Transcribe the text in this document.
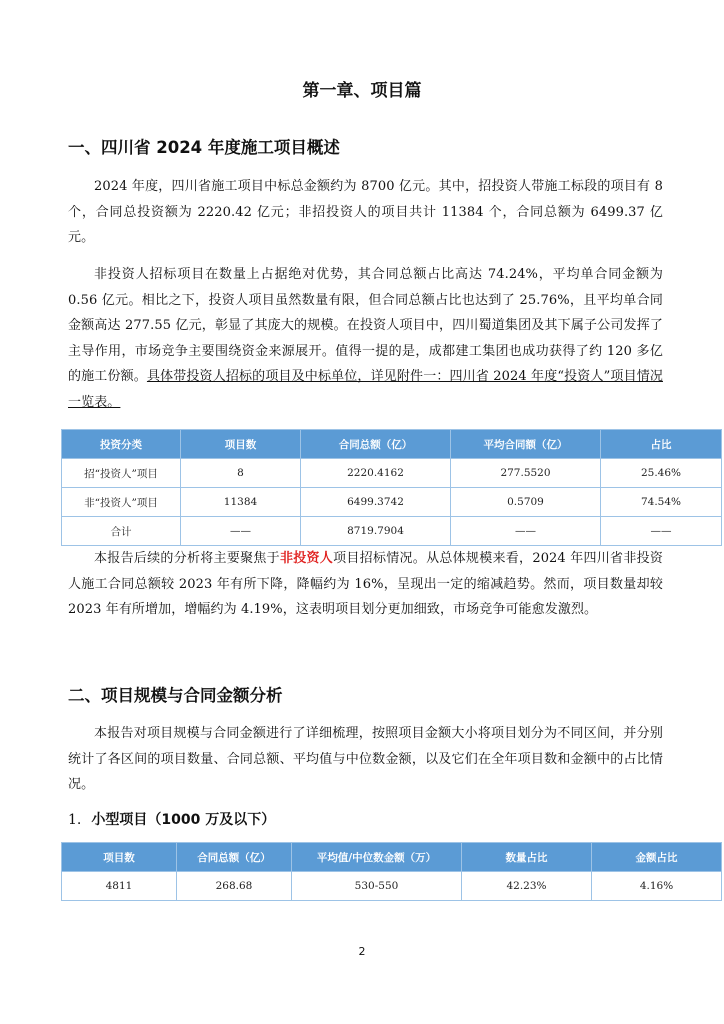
第一章、项目篇
一、四川省 2024 年度施工项目概述

2024 年度，四川省施工项目中标总金额约为 8700 亿元。其中，招投资人带施工标段的项目有 8 个，合同总投资额为 2220.42 亿元；非招投资人的项目共计 11384 个，合同总额为 6499.37 亿元。

非投资人招标项目在数量上占据绝对优势，其合同总额占比高达 74.24%，平均单合同金额为 0.56 亿元。相比之下，投资人项目虽然数量有限，但合同总额占比也达到了 25.76%，且平均单合同金额高达 277.55 亿元，彰显了其庞大的规模。在投资人项目中，四川蜀道集团及其下属子公司发挥了主导作用，市场竞争主要围绕资金来源展开。值得一提的是，成都建工集团也成功获得了约 120 多亿的施工份额。具体带投资人招标的项目及中标单位，详见附件一：四川省 2024 年度“投资人”项目情况一览表。

投资分类	项目数	合同总额（亿）	平均合同额（亿）	占比
招“投资人”项目	8	2220.4162	277.5520	25.46%
非“投资人”项目	11384	6499.3742	0.5709	74.54%
合计	——	8719.7904	——	——

本报告后续的分析将主要聚焦于非投资人项目招标情况。从总体规模来看，2024 年四川省非投资人施工合同总额较 2023 年有所下降，降幅约为 16%，呈现出一定的缩减趋势。然而，项目数量却较 2023 年有所增加，增幅约为 4.19%，这表明项目划分更加细致，市场竞争可能愈发激烈。

二、项目规模与合同金额分析

本报告对项目规模与合同金额进行了详细梳理，按照项目金额大小将项目划分为不同区间，并分别统计了各区间的项目数量、合同总额、平均值与中位数金额，以及它们在全年项目数和金额中的占比情况。

1. 小型项目（1000 万及以下）
项目数	合同总额（亿）	平均值/中位数金额（万）	数量占比	金额占比
4811	268.68	530-550	42.23%	4.16%
2
